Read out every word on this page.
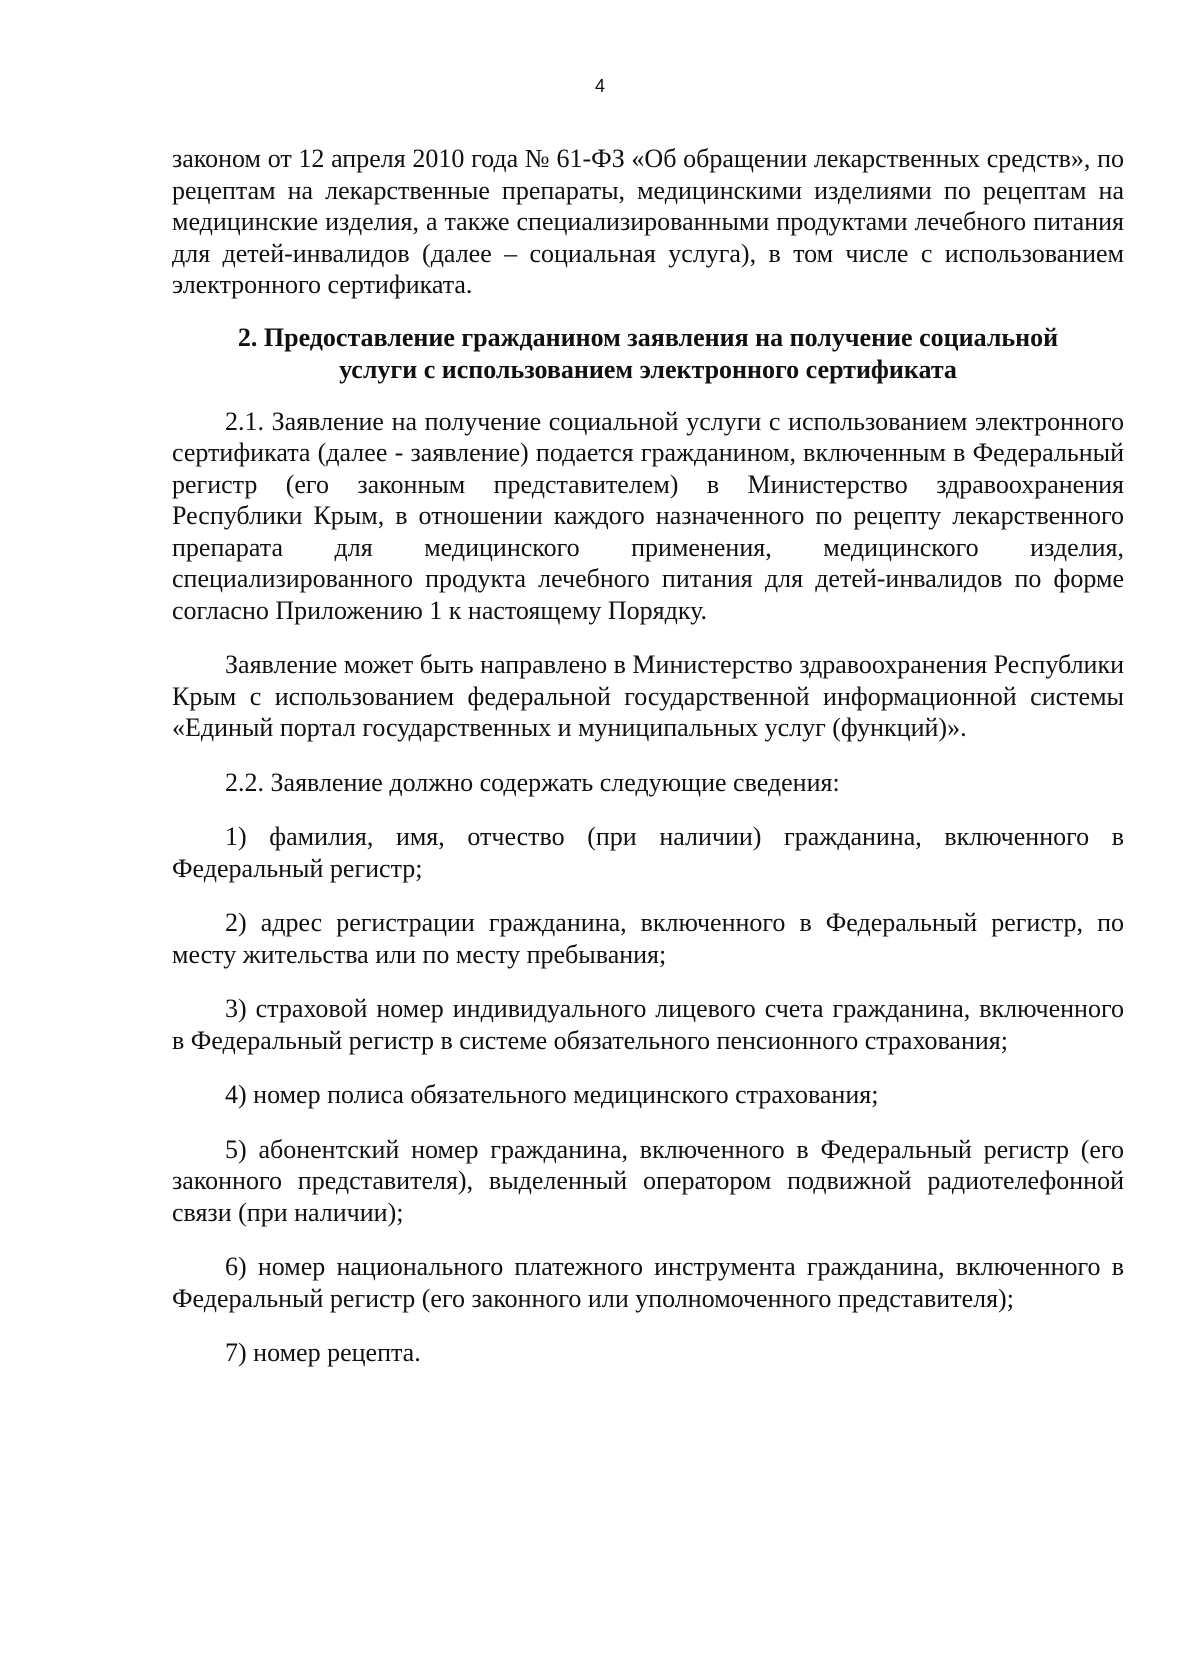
4

законом от 12 апреля 2010 года № 61-ФЗ «Об обращении лекарственных средств», по рецептам на лекарственные препараты, медицинскими изделиями по рецептам на медицинские изделия, а также специализированными продуктами лечебного питания для детей-инвалидов (далее – социальная услуга), в том числе с использованием электронного сертификата.

2. Предоставление гражданином заявления на получение социальной
услуги с использованием электронного сертификата

2.1. Заявление на получение социальной услуги с использованием электронного сертификата (далее - заявление) подается гражданином, включенным в Федеральный регистр (его законным представителем) в Министерство здравоохранения Республики Крым, в отношении каждого назначенного по рецепту лекарственного препарата для медицинского применения, медицинского изделия, специализированного продукта лечебного питания для детей-инвалидов по форме согласно Приложению 1 к настоящему Порядку.

Заявление может быть направлено в Министерство здравоохранения Республики Крым с использованием федеральной государственной информационной системы «Единый портал государственных и муниципальных услуг (функций)».

2.2. Заявление должно содержать следующие сведения:

1) фамилия, имя, отчество (при наличии) гражданина, включенного в Федеральный регистр;

2) адрес регистрации гражданина, включенного в Федеральный регистр, по месту жительства или по месту пребывания;

3) страховой номер индивидуального лицевого счета гражданина, включенного в Федеральный регистр в системе обязательного пенсионного страхования;

4) номер полиса обязательного медицинского страхования;

5) абонентский номер гражданина, включенного в Федеральный регистр (его законного представителя), выделенный оператором подвижной радиотелефонной связи (при наличии);

6) номер национального платежного инструмента гражданина, включенного в Федеральный регистр (его законного или уполномоченного представителя);

7) номер рецепта.
